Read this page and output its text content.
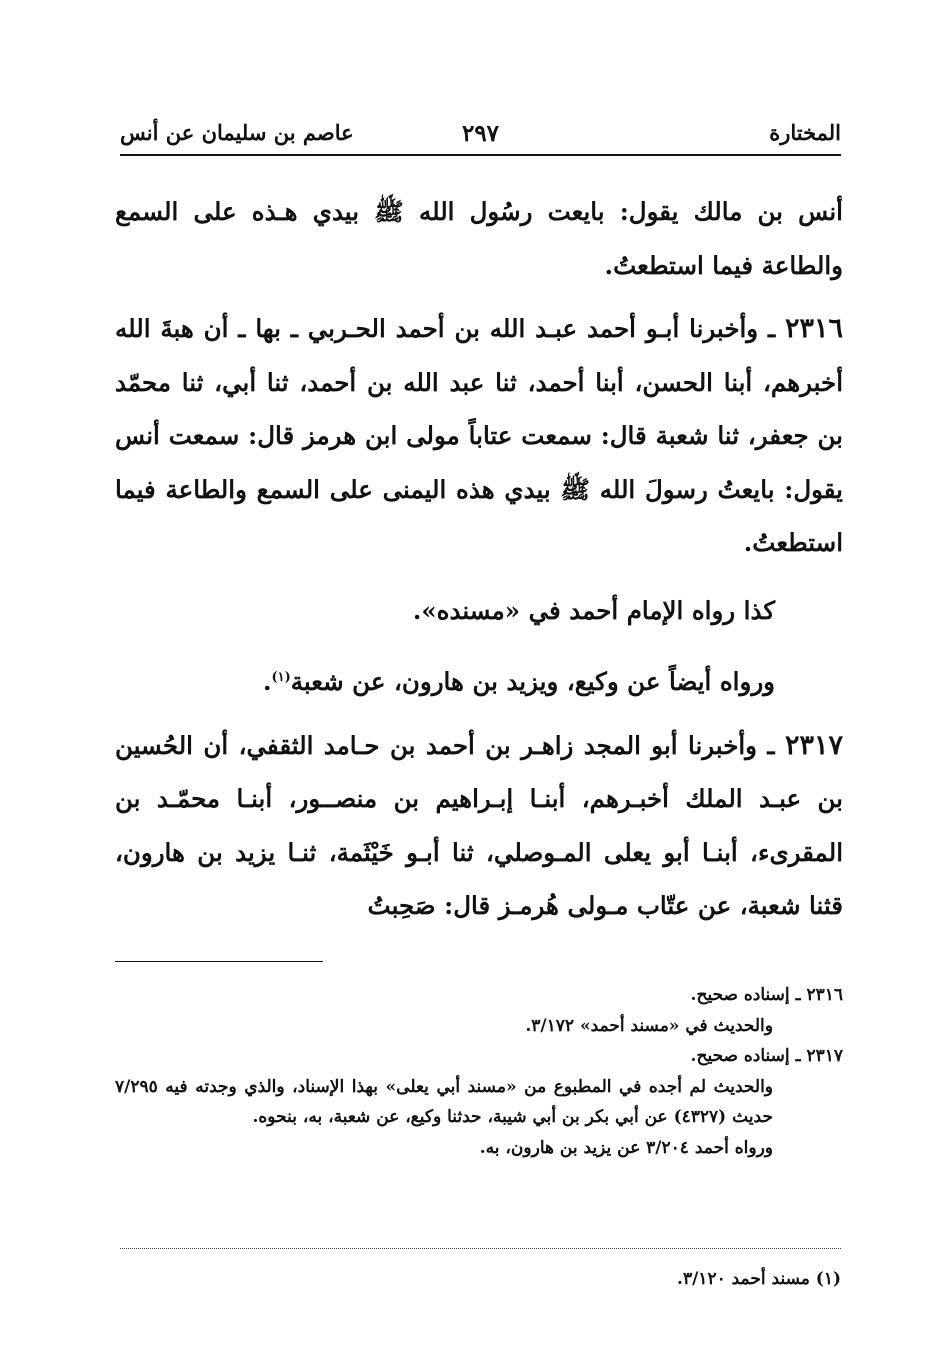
عاصم بن سليمان عن أنس	٢٩٧	المختارة

أنس بن مالك يقول: بايعت رسُول الله ﷺ بيدي هـذه على السمع والطاعة فيما استطعتُ.

٢٣١٦ ـ وأخبرنا أبـو أحمد عبـد الله بن أحمد الحـربي ـ بها ـ أن هبةَ الله أخبرهم، أبنا الحسن، أبنا أحمد، ثنا عبد الله بن أحمد، ثنا أبي، ثنا محمّد بن جعفر، ثنا شعبة قال: سمعت عتاباً مولى ابن هرمز قال: سمعت أنس يقول: بايعتُ رسولَ الله ﷺ بيدي هذه اليمنى على السمع والطاعة فيما استطعتُ.

كذا رواه الإمام أحمد في «مسنده».

ورواه أيضاً عن وكيع، ويزيد بن هارون، عن شعبة$^{(١)}$.

٢٣١٧ ـ وأخبرنا أبو المجد زاهـر بن أحمد بن حـامد الثقفي، أن الحُسين بن عبـد الملك أخبـرهم، أبنـا إبـراهيم بن منصــور، أبنـا محمّـد بن المقرىء، أبنـا أبو يعلى المـوصلي، ثنا أبـو خَيْثَمة، ثنـا يزيد بن هارون، قثنا شعبة، عن عتّاب مـولى هُرمـز قال: صَحِبتُ

٢٣١٦ ـ إسناده صحيح.

والحديث في «مسند أحمد» ٣/١٧٢.

٢٣١٧ ـ إسناده صحيح.

والحديث لم أجده في المطبوع من «مسند أبي يعلى» بهذا الإسناد، والذي وجدته فيه ٧/٢٩٥ حديث (٤٣٢٧) عن أبي بكر بن أبي شيبة، حدثنا وكيع، عن شعبة، به، بنحوه.

ورواه أحمد ٣/٢٠٤ عن يزيد بن هارون، به.

(١) مسند أحمد ٣/١٢٠.
